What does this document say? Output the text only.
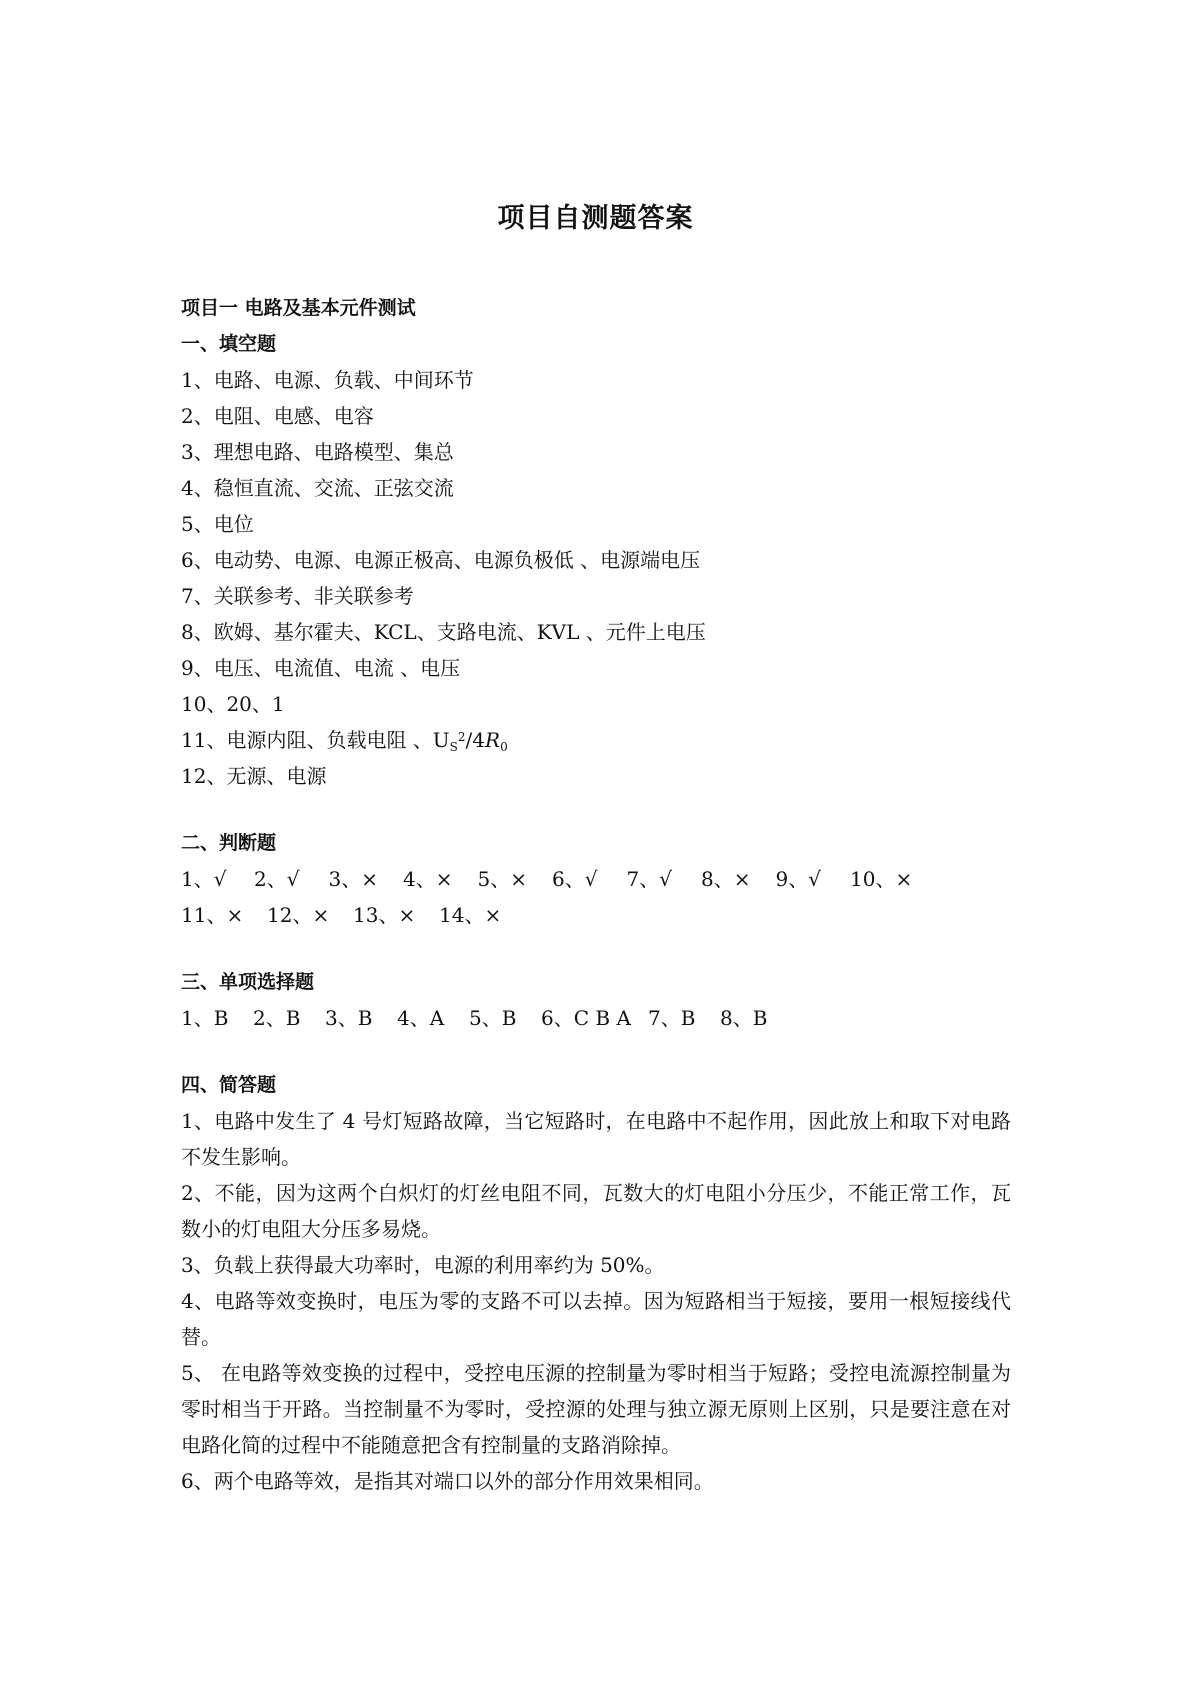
项目自测题答案
项目一 电路及基本元件测试
一、填空题
1、电路、电源、负载、中间环节
2、电阻、电感、电容
3、理想电路、电路模型、集总
4、稳恒直流、交流、正弦交流
5、电位
6、电动势、电源、电源正极高、电源负极低 、电源端电压
7、关联参考、非关联参考
8、欧姆、基尔霍夫、KCL、支路电流、KVL 、元件上电压
9、电压、电流值、电流 、电压
10、20、1
11、电源内阻、负载电阻 、$U_S^2/4R_0$
12、无源、电源
二、判断题
1、√	2、√	3、×	4、×	5、×	6、√	7、√	8、×	9、√	10、×
11、×	12、×	13、×	14、×
三、单项选择题
1、B	2、B	3、B	4、A	5、B	6、C B A 7、B	8、B
四、简答题
1、电路中发生了 4 号灯短路故障，当它短路时，在电路中不起作用，因此放上和取下对电路不发生影响。
2、不能，因为这两个白炽灯的灯丝电阻不同，瓦数大的灯电阻小分压少，不能正常工作，瓦数小的灯电阻大分压多易烧。
3、负载上获得最大功率时，电源的利用率约为 50%。
4、电路等效变换时，电压为零的支路不可以去掉。因为短路相当于短接，要用一根短接线代替。
5、 在电路等效变换的过程中，受控电压源的控制量为零时相当于短路；受控电流源控制量为零时相当于开路。当控制量不为零时，受控源的处理与独立源无原则上区别，只是要注意在对电路化简的过程中不能随意把含有控制量的支路消除掉。
6、两个电路等效，是指其对端口以外的部分作用效果相同。
